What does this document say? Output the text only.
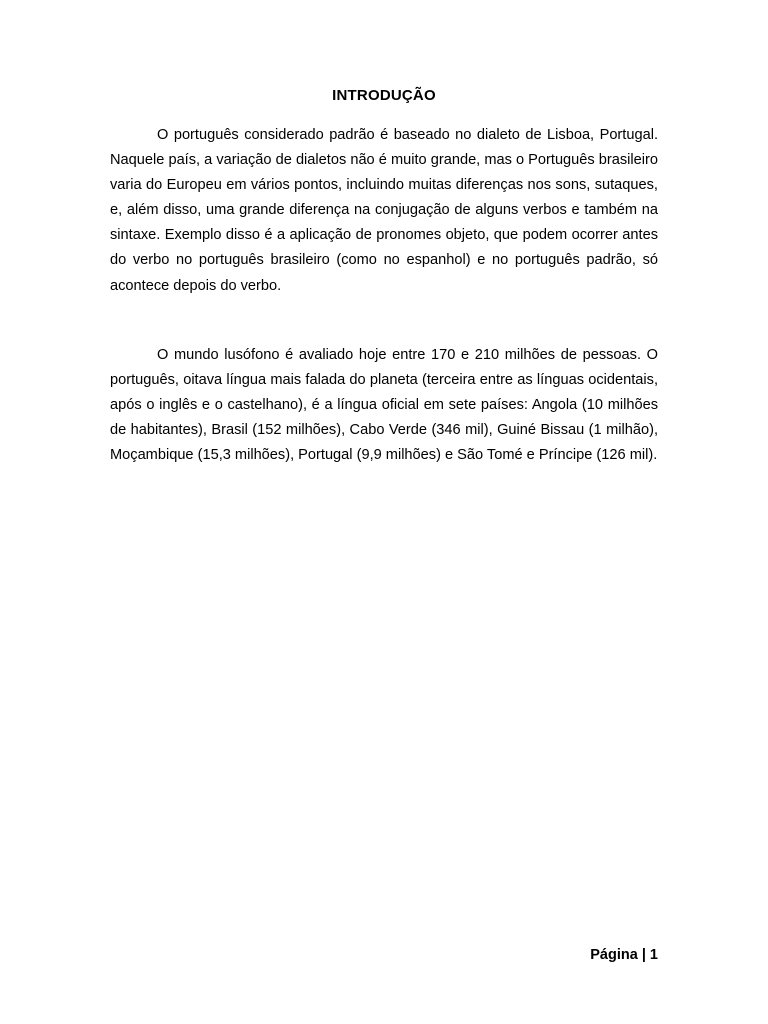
INTRODUÇÃO

O português considerado padrão é baseado no dialeto de Lisboa, Portugal. Naquele país, a variação de dialetos não é muito grande, mas o Português brasileiro varia do Europeu em vários pontos, incluindo muitas diferenças nos sons, sutaques, e, além disso, uma grande diferença na conjugação de alguns verbos e também na sintaxe. Exemplo disso é a aplicação de pronomes objeto, que podem ocorrer antes do verbo no português brasileiro (como no espanhol) e no português padrão, só acontece depois do verbo.

O mundo lusófono é avaliado hoje entre 170 e 210 milhões de pessoas. O português, oitava língua mais falada do planeta (terceira entre as línguas ocidentais, após o inglês e o castelhano), é a língua oficial em sete países: Angola (10 milhões de habitantes), Brasil (152 milhões), Cabo Verde (346 mil), Guiné Bissau (1 milhão), Moçambique (15,3 milhões), Portugal (9,9 milhões) e São Tomé e Príncipe (126 mil).

Página | 1
